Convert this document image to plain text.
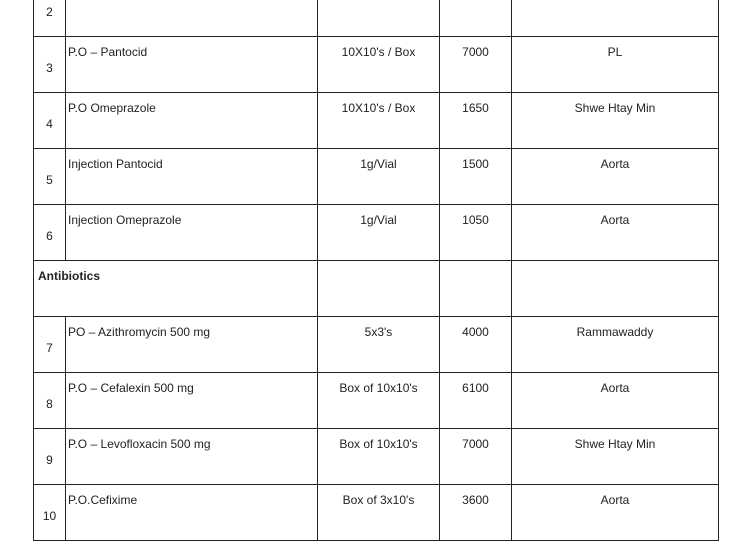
2				
3	P.O – Pantocid	10X10's / Box	7000	PL
4	P.O Omeprazole	10X10's / Box	1650	Shwe Htay Min
5	Injection Pantocid	1g/Vial	1500	Aorta
6	Injection Omeprazole	1g/Vial	1050	Aorta
Antibiotics				
7	PO – Azithromycin 500 mg	5x3's	4000	Rammawaddy
8	P.O – Cefalexin 500 mg	Box of 10x10's	6100	Aorta
9	P.O – Levofloxacin 500 mg	Box of 10x10's	7000	Shwe Htay Min
10	P.O.Cefixime	Box of 3x10's	3600	Aorta
